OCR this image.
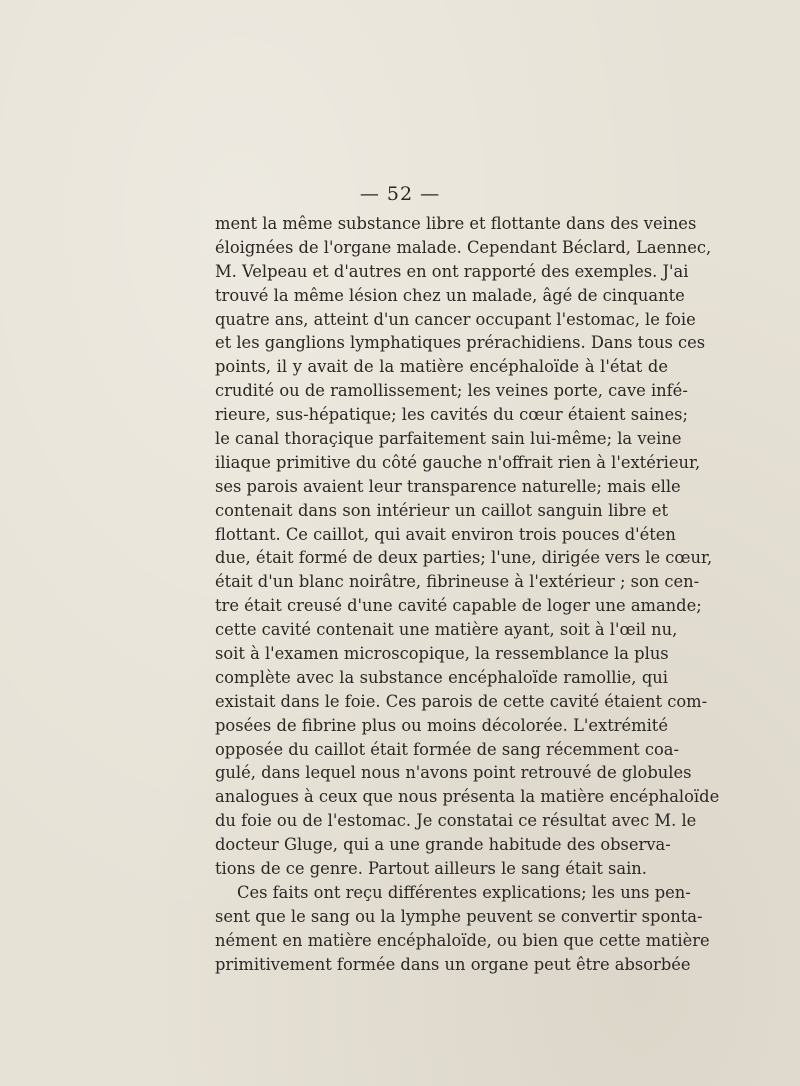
— 52 —
ment la même substance libre et flottante dans des veines
éloignées de l'organe malade. Cependant Béclard, Laennec,
M. Velpeau et d'autres en ont rapporté des exemples. J'ai
trouvé la même lésion chez un malade, âgé de cinquante
quatre ans, atteint d'un cancer occupant l'estomac, le foie
et les ganglions lymphatiques prérachidiens. Dans tous ces
points, il y avait de la matière encéphaloïde à l'état de
crudité ou de ramollissement; les veines porte, cave infé-
rieure, sus-hépatique; les cavités du cœur étaient saines;
le canal thoraçique parfaitement sain lui-même; la veine
iliaque primitive du côté gauche n'offrait rien à l'extérieur,
ses parois avaient leur transparence naturelle; mais elle
contenait dans son intérieur un caillot sanguin libre et
flottant. Ce caillot, qui avait environ trois pouces d'éten
due, était formé de deux parties; l'une, dirigée vers le cœur,
était d'un blanc noirâtre, fibrineuse à l'extérieur ; son cen-
tre était creusé d'une cavité capable de loger une amande;
cette cavité contenait une matière ayant, soit à l'œil nu,
soit à l'examen microscopique, la ressemblance la plus
complète avec la substance encéphaloïde ramollie, qui
existait dans le foie. Ces parois de cette cavité étaient com-
posées de fibrine plus ou moins décolorée. L'extrémité
opposée du caillot était formée de sang récemment coa-
gulé, dans lequel nous n'avons point retrouvé de globules
analogues à ceux que nous présenta la matière encéphaloïde
du foie ou de l'estomac. Je constatai ce résultat avec M. le
docteur Gluge, qui a une grande habitude des observa-
tions de ce genre. Partout ailleurs le sang était sain.
Ces faits ont reçu différentes explications; les uns pen-
sent que le sang ou la lymphe peuvent se convertir sponta-
nément en matière encéphaloïde, ou bien que cette matière
primitivement formée dans un organe peut être absorbée
